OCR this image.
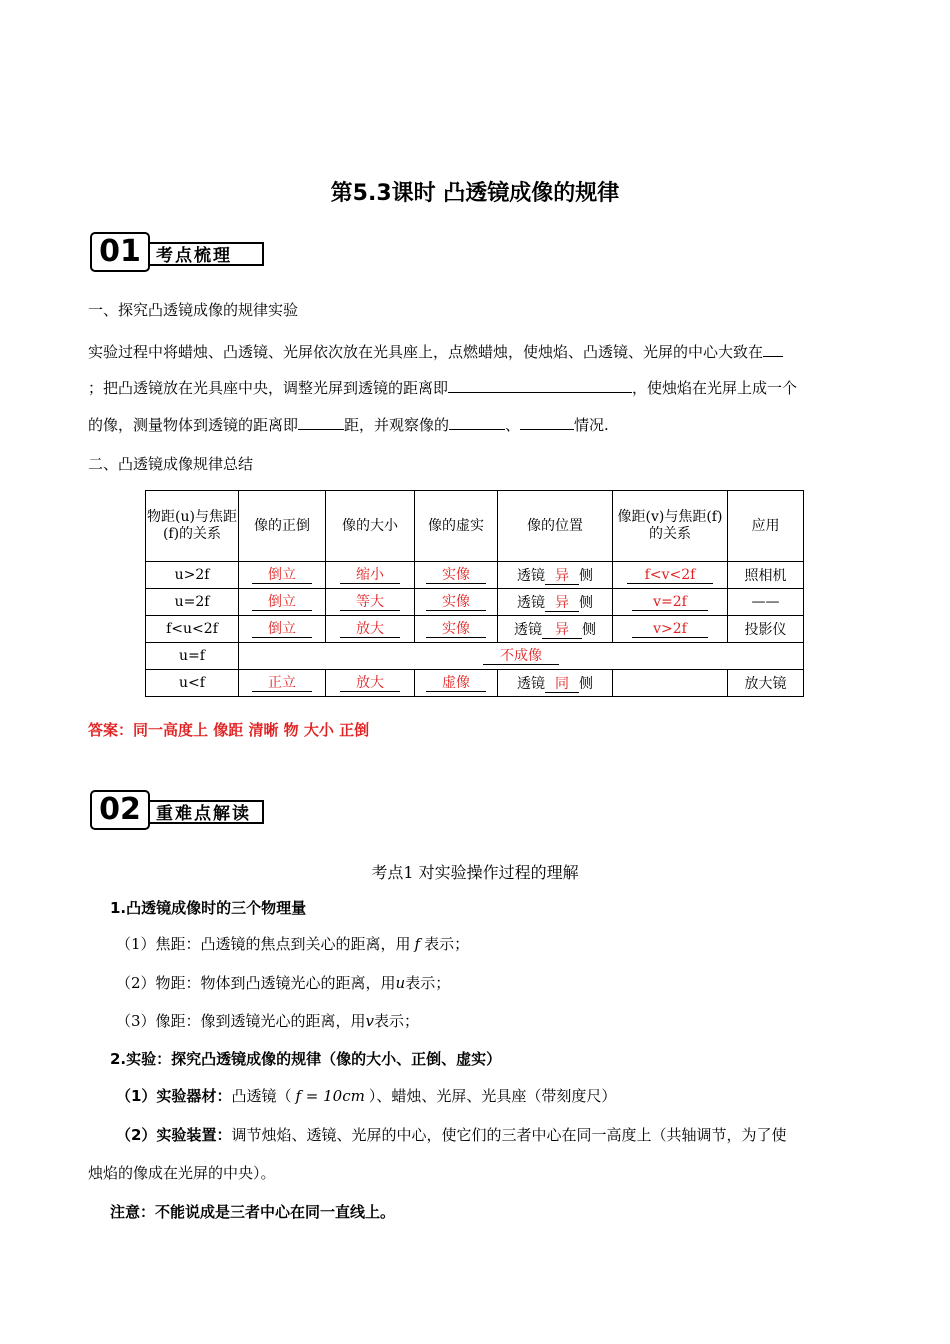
第5.3课时 凸透镜成像的规律
01 考点梳理
一、探究凸透镜成像的规律实验
实验过程中将蜡烛、凸透镜、光屏依次放在光具座上，点燃蜡烛，使烛焰、凸透镜、光屏的中心大致在
；把凸透镜放在光具座中央，调整光屏到透镜的距离即	，使烛焰在光屏上成一个
的像，测量物体到透镜的距离即	距，并观察像的	、	情况.
二、凸透镜成像规律总结
物距(u)与焦距(f)的关系	像的正倒	像的大小	像的虚实	像的位置	像距(v)与焦距(f)的关系	应用
u>2f	倒立	缩小	实像	透镜 异 侧	f<v<2f	照相机
u=2f	倒立	等大	实像	透镜 异 侧	v=2f	——
f<u<2f	倒立	放大	实像	透镜 异 侧	v>2f	投影仪
u=f	不成像					
u<f	正立	放大	虚像	透镜 同 侧		放大镜
答案：同一高度上 像距 清晰 物 大小 正倒
02 重难点解读
考点1 对实验操作过程的理解
1.凸透镜成像时的三个物理量
（1）焦距：凸透镜的焦点到关心的距离，用 f 表示；
（2）物距：物体到凸透镜光心的距离，用u表示；
（3）像距：像到透镜光心的距离，用v表示；
2.实验：探究凸透镜成像的规律（像的大小、正倒、虚实）
（1）实验器材：凸透镜（ f = 10cm ）、蜡烛、光屏、光具座（带刻度尺）
（2）实验装置：调节烛焰、透镜、光屏的中心，使它们的三者中心在同一高度上（共轴调节，为了使
烛焰的像成在光屏的中央）。
注意：不能说成是三者中心在同一直线上。
